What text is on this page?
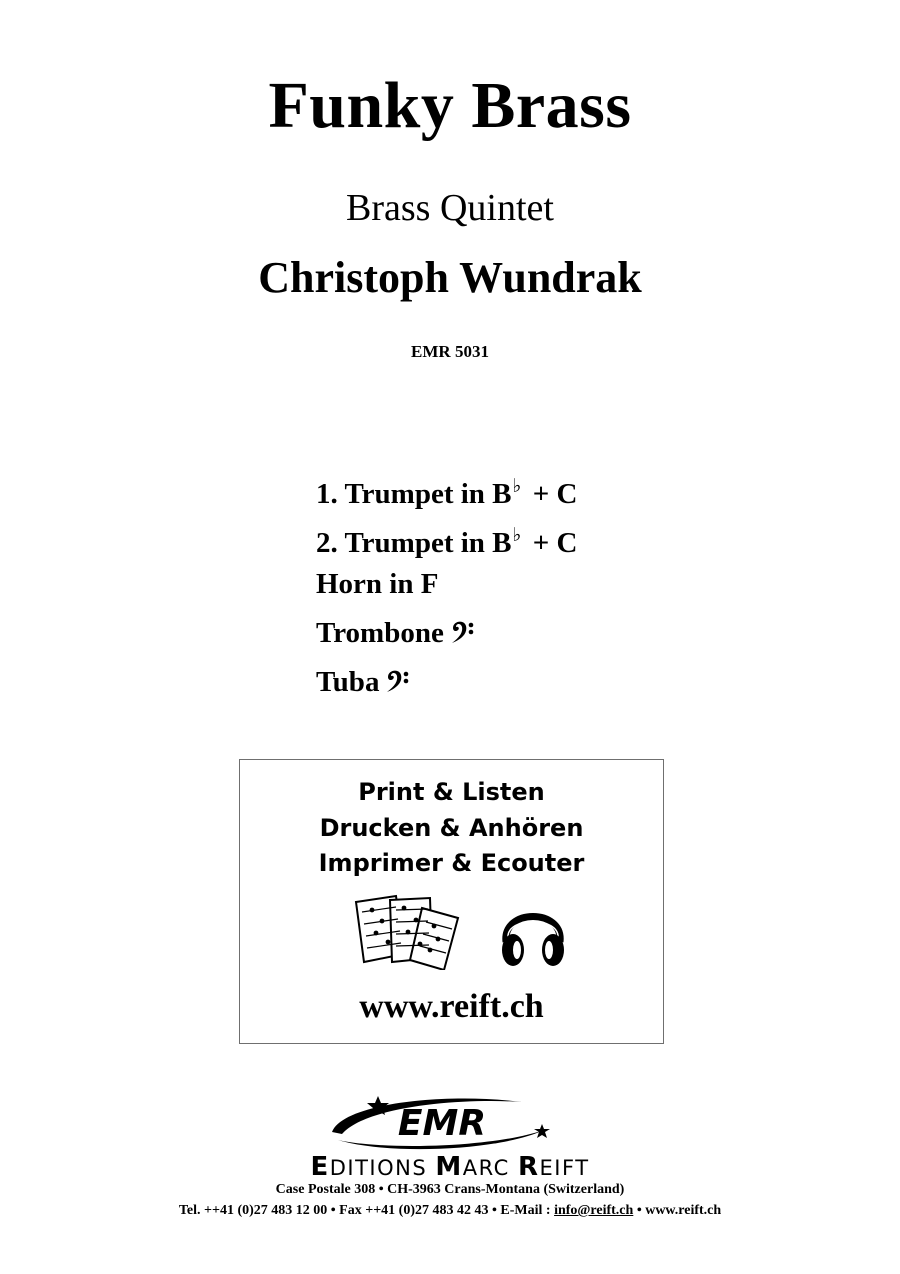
Funky Brass
Brass Quintet
Christoph Wundrak
EMR 5031
1. Trumpet in B♭ + C
2. Trumpet in B♭ + C
Horn in F
Trombone
Tuba
Print & Listen
Drucken & Anhören
Imprimer & Ecouter
www.reift.ch
EMR
EDITIONS MARC REIFT
Case Postale 308 • CH-3963 Crans-Montana (Switzerland)
Tel. ++41 (0)27 483 12 00 • Fax ++41 (0)27 483 42 43 • E-Mail : info@reift.ch • www.reift.ch
